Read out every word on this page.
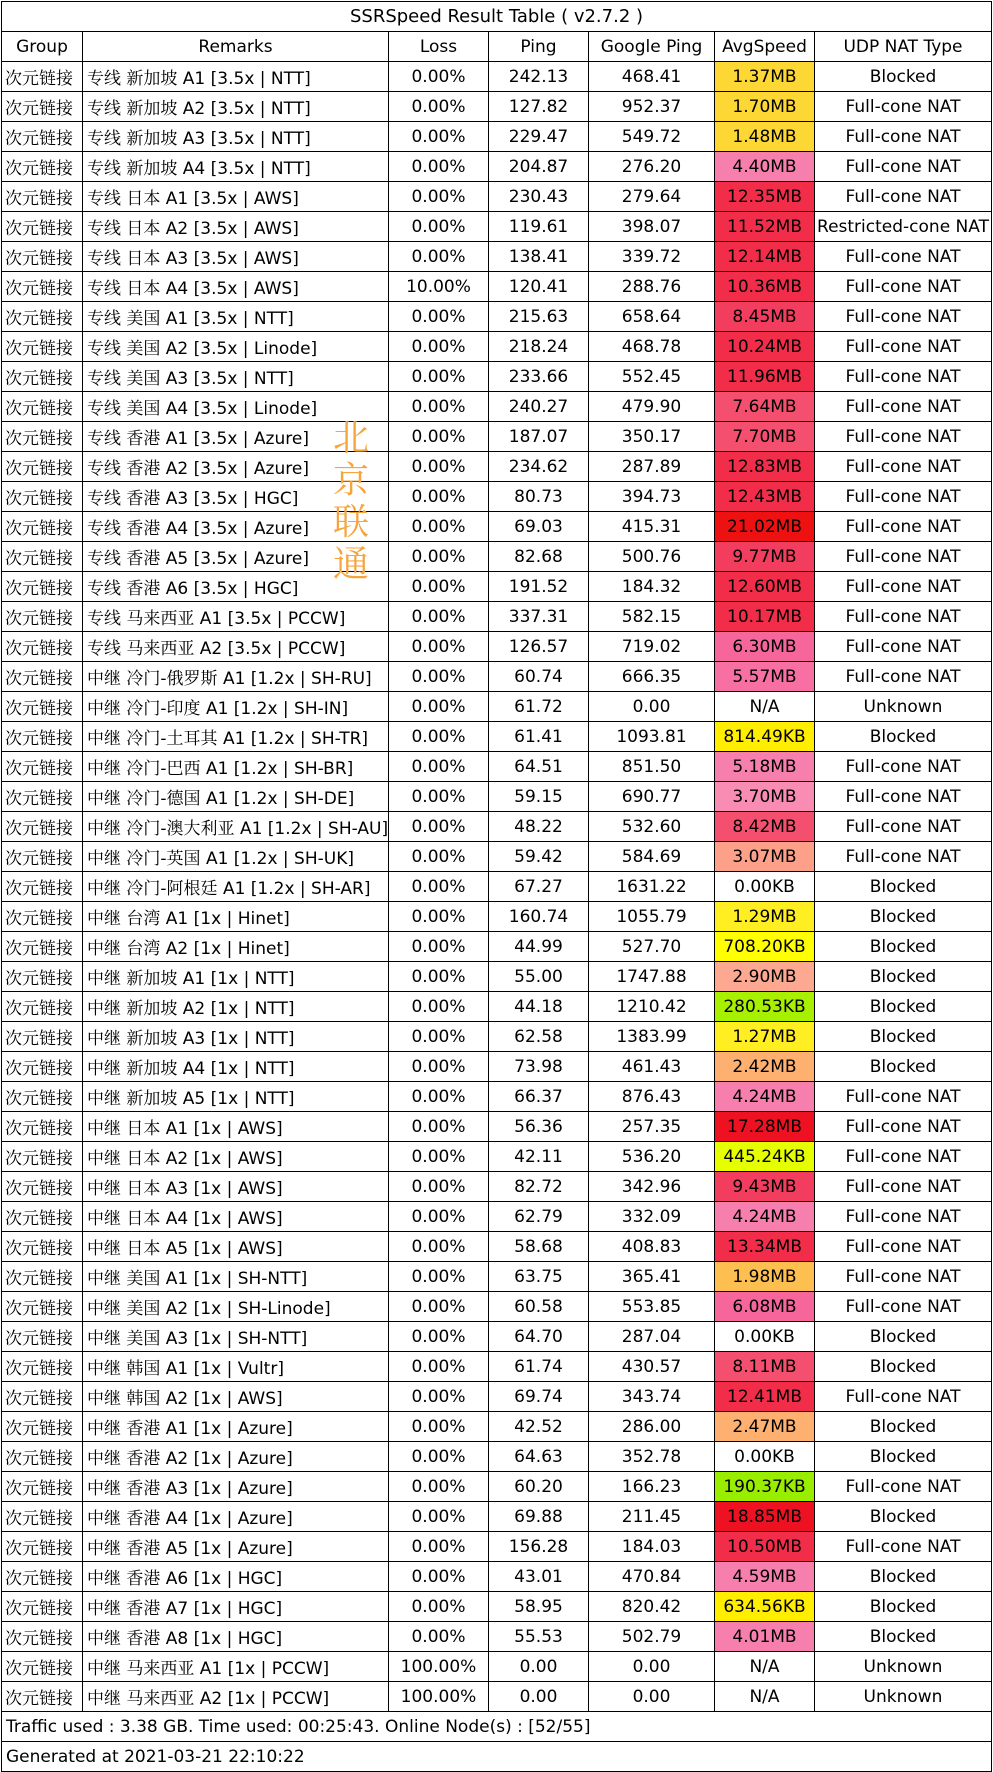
SSRSpeed Result Table ( v2.7.2 )
Group	Remarks	Loss	Ping	Google Ping	AvgSpeed	UDP NAT Type
次元链接 专线 新加坡 A1 [3.5x | NTT]	0.00%	242.13	468.41	1.37MB	Blocked
次元链接 专线 新加坡 A2 [3.5x | NTT]	0.00%	127.82	952.37	1.70MB	Full-cone NAT
次元链接 专线 新加坡 A3 [3.5x | NTT]	0.00%	229.47	549.72	1.48MB	Full-cone NAT
次元链接 专线 新加坡 A4 [3.5x | NTT]	0.00%	204.87	276.20	4.40MB	Full-cone NAT
次元链接 专线 日本 A1 [3.5x | AWS]	0.00%	230.43	279.64	12.35MB	Full-cone NAT
次元链接 专线 日本 A2 [3.5x | AWS]	0.00%	119.61	398.07	11.52MB Restricted-cone NAT
次元链接 专线 日本 A3 [3.5x | AWS]	0.00%	138.41	339.72	12.14MB	Full-cone NAT
次元链接 专线 日本 A4 [3.5x | AWS]	10.00%	120.41	288.76	10.36MB	Full-cone NAT
次元链接 专线 美国 A1 [3.5x | NTT]	0.00%	215.63	658.64	8.45MB	Full-cone NAT
次元链接 专线 美国 A2 [3.5x | Linode]	0.00%	218.24	468.78	10.24MB	Full-cone NAT
次元链接 专线 美国 A3 [3.5x | NTT]	0.00%	233.66	552.45	11.96MB	Full-cone NAT
次元链接 专线 美国 A4 [3.5x | Linode]	0.00%	240.27	479.90	7.64MB	Full-cone NAT
次元链接 专线 香港 A1 [3.5x | Azure]	0.00%	187.07	350.17	7.70MB	Full-cone NAT
次元链接 专线 香港 A2 [3.5x | Azure]	0.00%	234.62	287.89	12.83MB	Full-cone NAT
次元链接 专线 香港 A3 [3.5x | HGC]	0.00%	80.73	394.73	12.43MB	Full-cone NAT
次元链接 专线 香港 A4 [3.5x | Azure]	0.00%	69.03	415.31	21.02MB	Full-cone NAT
次元链接 专线 香港 A5 [3.5x | Azure]	0.00%	82.68	500.76	9.77MB	Full-cone NAT
次元链接 专线 香港 A6 [3.5x | HGC]	0.00%	191.52	184.32	12.60MB	Full-cone NAT
次元链接 专线 马来西亚 A1 [3.5x | PCCW]	0.00%	337.31	582.15	10.17MB	Full-cone NAT
次元链接 专线 马来西亚 A2 [3.5x | PCCW]	0.00%	126.57	719.02	6.30MB	Full-cone NAT
次元链接 中继 冷门-俄罗斯 A1 [1.2x | SH-RU]	0.00%	60.74	666.35	5.57MB	Full-cone NAT
次元链接 中继 冷门-印度 A1 [1.2x | SH-IN]	0.00%	61.72	0.00	N/A	Unknown
次元链接 中继 冷门-土耳其 A1 [1.2x | SH-TR]	0.00%	61.41	1093.81	814.49KB	Blocked
次元链接 中继 冷门-巴西 A1 [1.2x | SH-BR]	0.00%	64.51	851.50	5.18MB	Full-cone NAT
次元链接 中继 冷门-德国 A1 [1.2x | SH-DE]	0.00%	59.15	690.77	3.70MB	Full-cone NAT
次元链接 中继 冷门-澳大利亚 A1 [1.2x | SH-AU]	0.00%	48.22	532.60	8.42MB	Full-cone NAT
次元链接 中继 冷门-英国 A1 [1.2x | SH-UK]	0.00%	59.42	584.69	3.07MB	Full-cone NAT
次元链接 中继 冷门-阿根廷 A1 [1.2x | SH-AR]	0.00%	67.27	1631.22	0.00KB	Blocked
次元链接 中继 台湾 A1 [1x | Hinet]	0.00%	160.74	1055.79	1.29MB	Blocked
次元链接 中继 台湾 A2 [1x | Hinet]	0.00%	44.99	527.70	708.20KB	Blocked
次元链接 中继 新加坡 A1 [1x | NTT]	0.00%	55.00	1747.88	2.90MB	Blocked
次元链接 中继 新加坡 A2 [1x | NTT]	0.00%	44.18	1210.42	280.53KB	Blocked
次元链接 中继 新加坡 A3 [1x | NTT]	0.00%	62.58	1383.99	1.27MB	Blocked
次元链接 中继 新加坡 A4 [1x | NTT]	0.00%	73.98	461.43	2.42MB	Blocked
次元链接 中继 新加坡 A5 [1x | NTT]	0.00%	66.37	876.43	4.24MB	Full-cone NAT
次元链接 中继 日本 A1 [1x | AWS]	0.00%	56.36	257.35	17.28MB	Full-cone NAT
次元链接 中继 日本 A2 [1x | AWS]	0.00%	42.11	536.20	445.24KB	Full-cone NAT
次元链接 中继 日本 A3 [1x | AWS]	0.00%	82.72	342.96	9.43MB	Full-cone NAT
次元链接 中继 日本 A4 [1x | AWS]	0.00%	62.79	332.09	4.24MB	Full-cone NAT
次元链接 中继 日本 A5 [1x | AWS]	0.00%	58.68	408.83	13.34MB	Full-cone NAT
次元链接 中继 美国 A1 [1x | SH-NTT]	0.00%	63.75	365.41	1.98MB	Full-cone NAT
次元链接 中继 美国 A2 [1x | SH-Linode]	0.00%	60.58	553.85	6.08MB	Full-cone NAT
次元链接 中继 美国 A3 [1x | SH-NTT]	0.00%	64.70	287.04	0.00KB	Blocked
次元链接 中继 韩国 A1 [1x | Vultr]	0.00%	61.74	430.57	8.11MB	Blocked
次元链接 中继 韩国 A2 [1x | AWS]	0.00%	69.74	343.74	12.41MB	Full-cone NAT
次元链接 中继 香港 A1 [1x | Azure]	0.00%	42.52	286.00	2.47MB	Blocked
次元链接 中继 香港 A2 [1x | Azure]	0.00%	64.63	352.78	0.00KB	Blocked
次元链接 中继 香港 A3 [1x | Azure]	0.00%	60.20	166.23	190.37KB	Full-cone NAT
次元链接 中继 香港 A4 [1x | Azure]	0.00%	69.88	211.45	18.85MB	Blocked
次元链接 中继 香港 A5 [1x | Azure]	0.00%	156.28	184.03	10.50MB	Full-cone NAT
次元链接 中继 香港 A6 [1x | HGC]	0.00%	43.01	470.84	4.59MB	Blocked
次元链接 中继 香港 A7 [1x | HGC]	0.00%	58.95	820.42	634.56KB	Blocked
次元链接 中继 香港 A8 [1x | HGC]	0.00%	55.53	502.79	4.01MB	Blocked
次元链接 中继 马来西亚 A1 [1x | PCCW]	100.00%	0.00	0.00	N/A	Unknown
次元链接 中继 马来西亚 A2 [1x | PCCW]	100.00%	0.00	0.00	N/A	Unknown
Traffic used : 3.38 GB. Time used: 00:25:43. Online Node(s) : [52/55]
Generated at 2021-03-21 22:10:22
北
京
联
通
